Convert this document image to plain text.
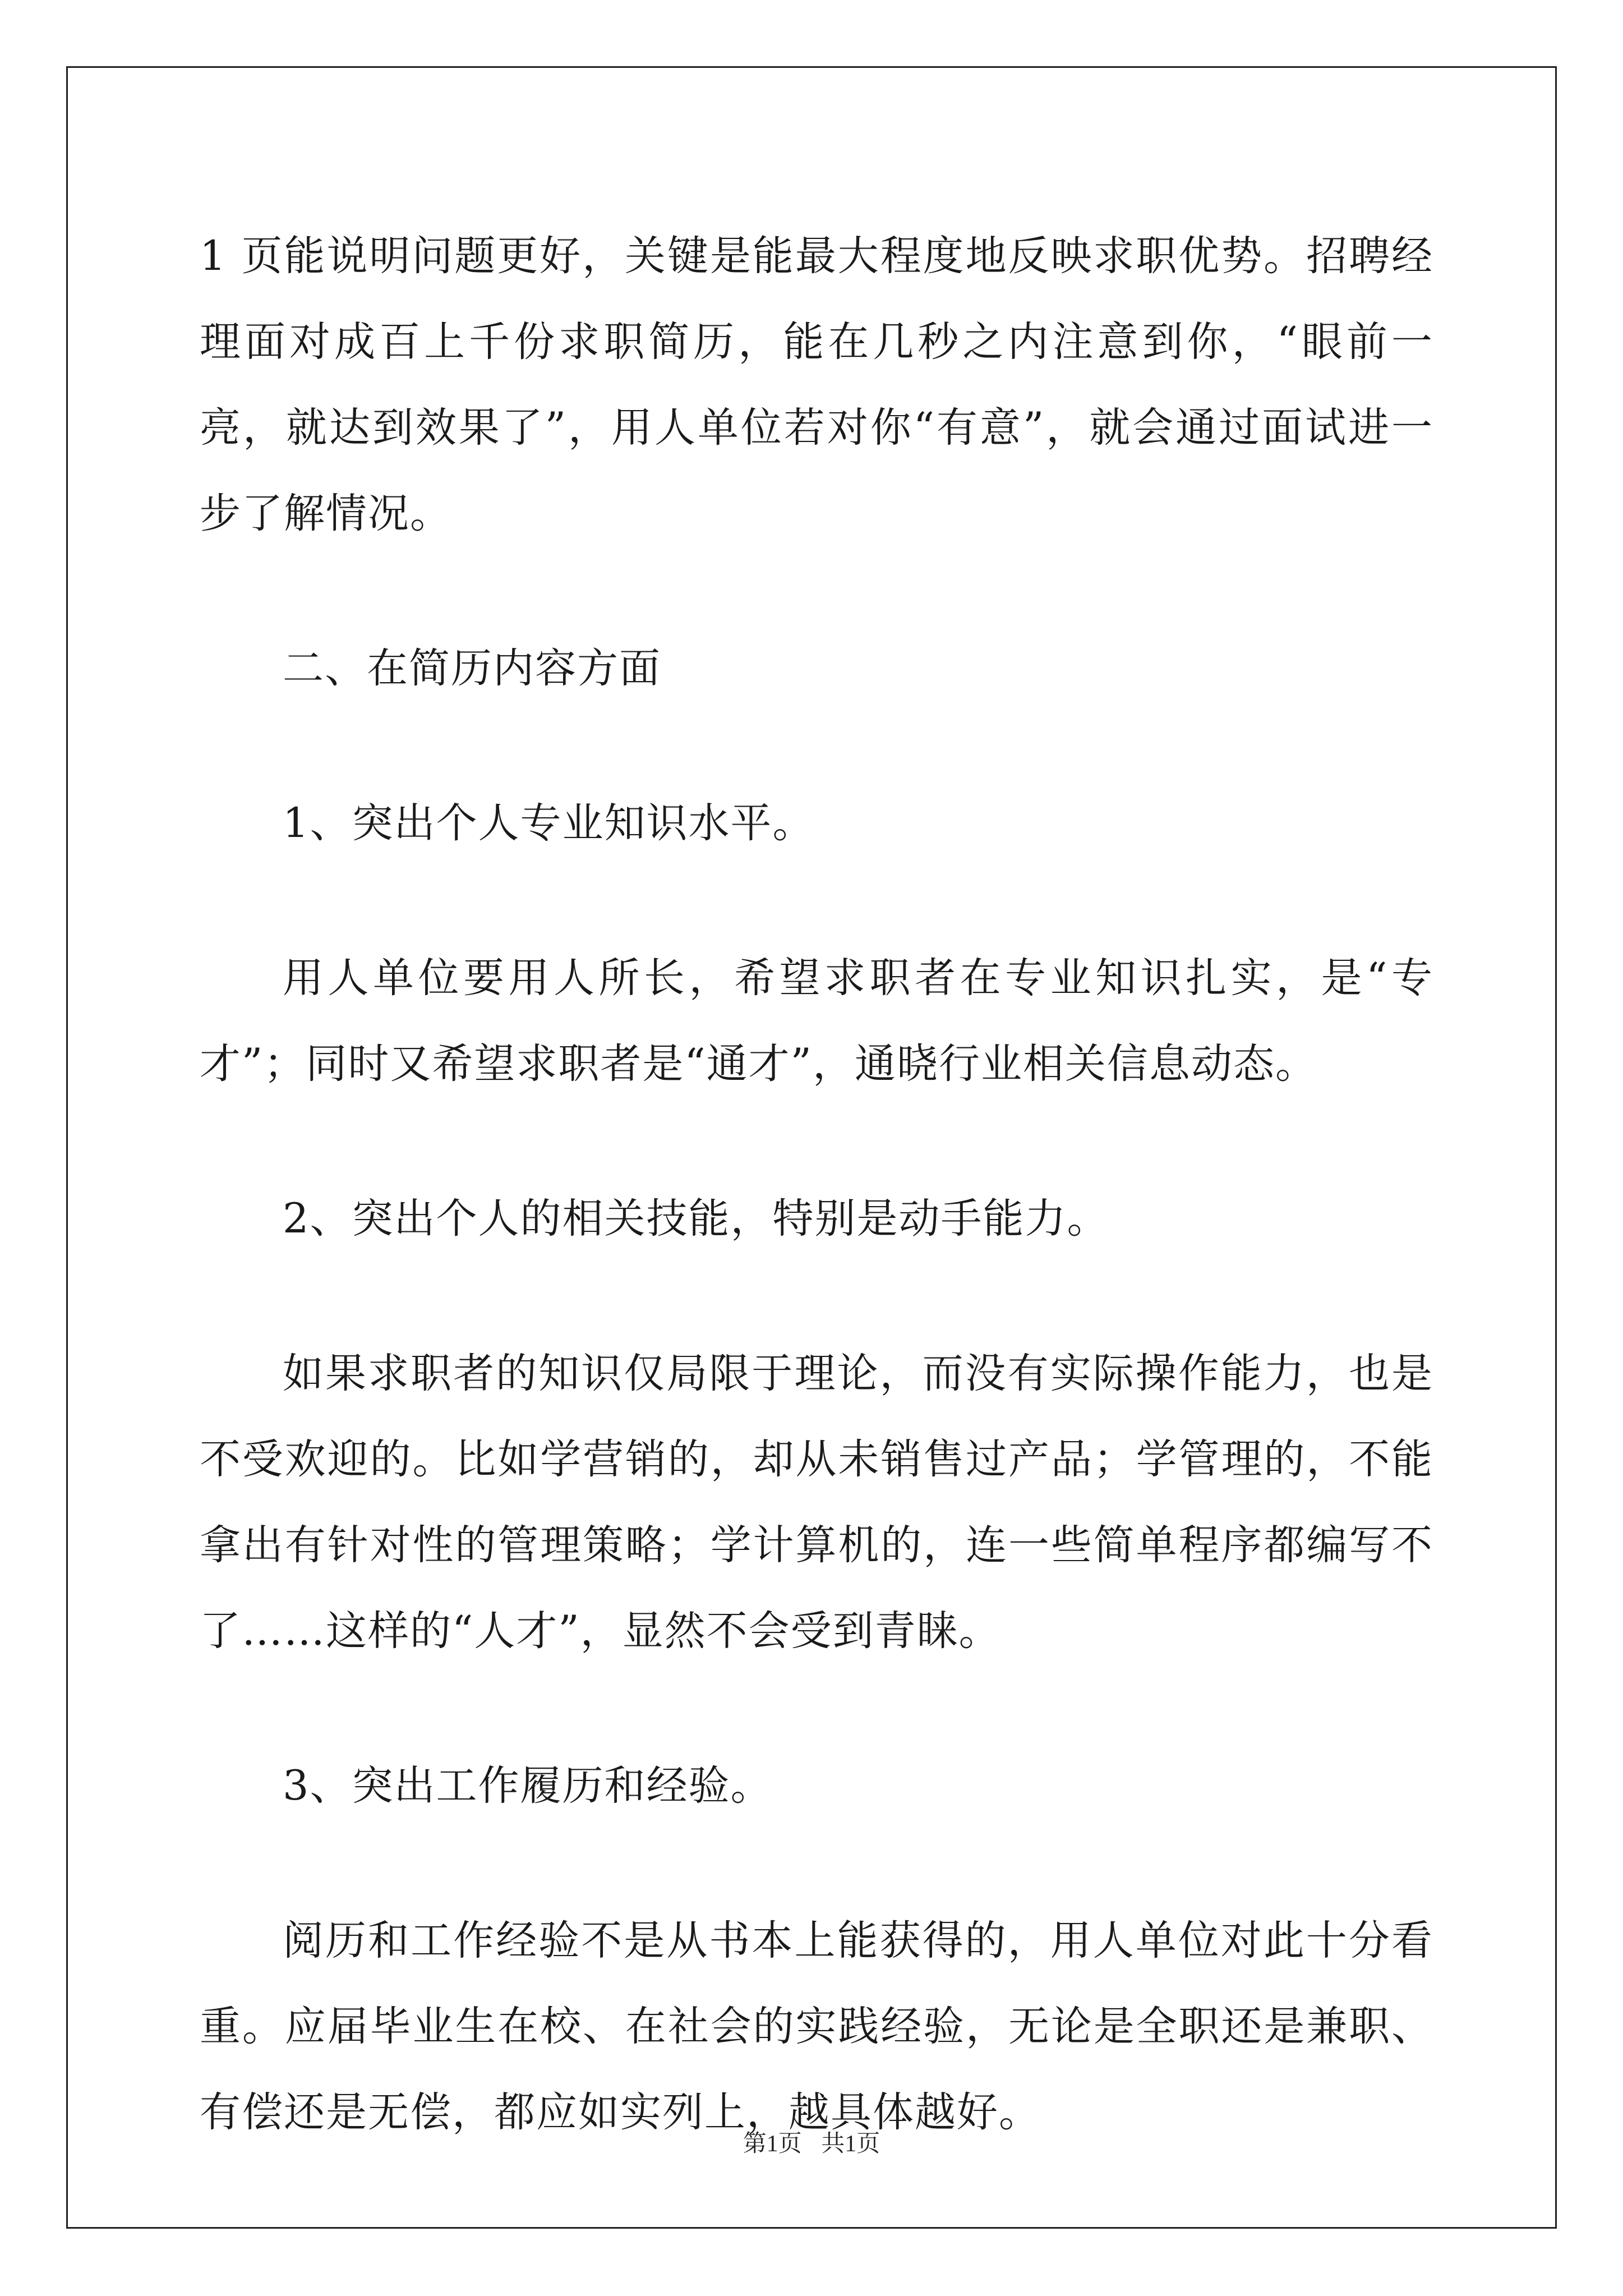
1 页能说明问题更好，关键是能最大程度地反映求职优势。招聘经理面对成百上千份求职简历，能在几秒之内注意到你，“眼前一亮，就达到效果了”，用人单位若对你“有意”，就会通过面试进一步了解情况。

二、在简历内容方面

1、突出个人专业知识水平。

用人单位要用人所长，希望求职者在专业知识扎实，是“专才”；同时又希望求职者是“通才”，通晓行业相关信息动态。

2、突出个人的相关技能，特别是动手能力。

如果求职者的知识仅局限于理论，而没有实际操作能力，也是不受欢迎的。比如学营销的，却从未销售过产品；学管理的，不能拿出有针对性的管理策略；学计算机的，连一些简单程序都编写不了……这样的“人才”，显然不会受到青睐。

3、突出工作履历和经验。

阅历和工作经验不是从书本上能获得的，用人单位对此十分看重。应届毕业生在校、在社会的实践经验，无论是全职还是兼职、有偿还是无偿，都应如实列上，越具体越好。

第1页 共1页
